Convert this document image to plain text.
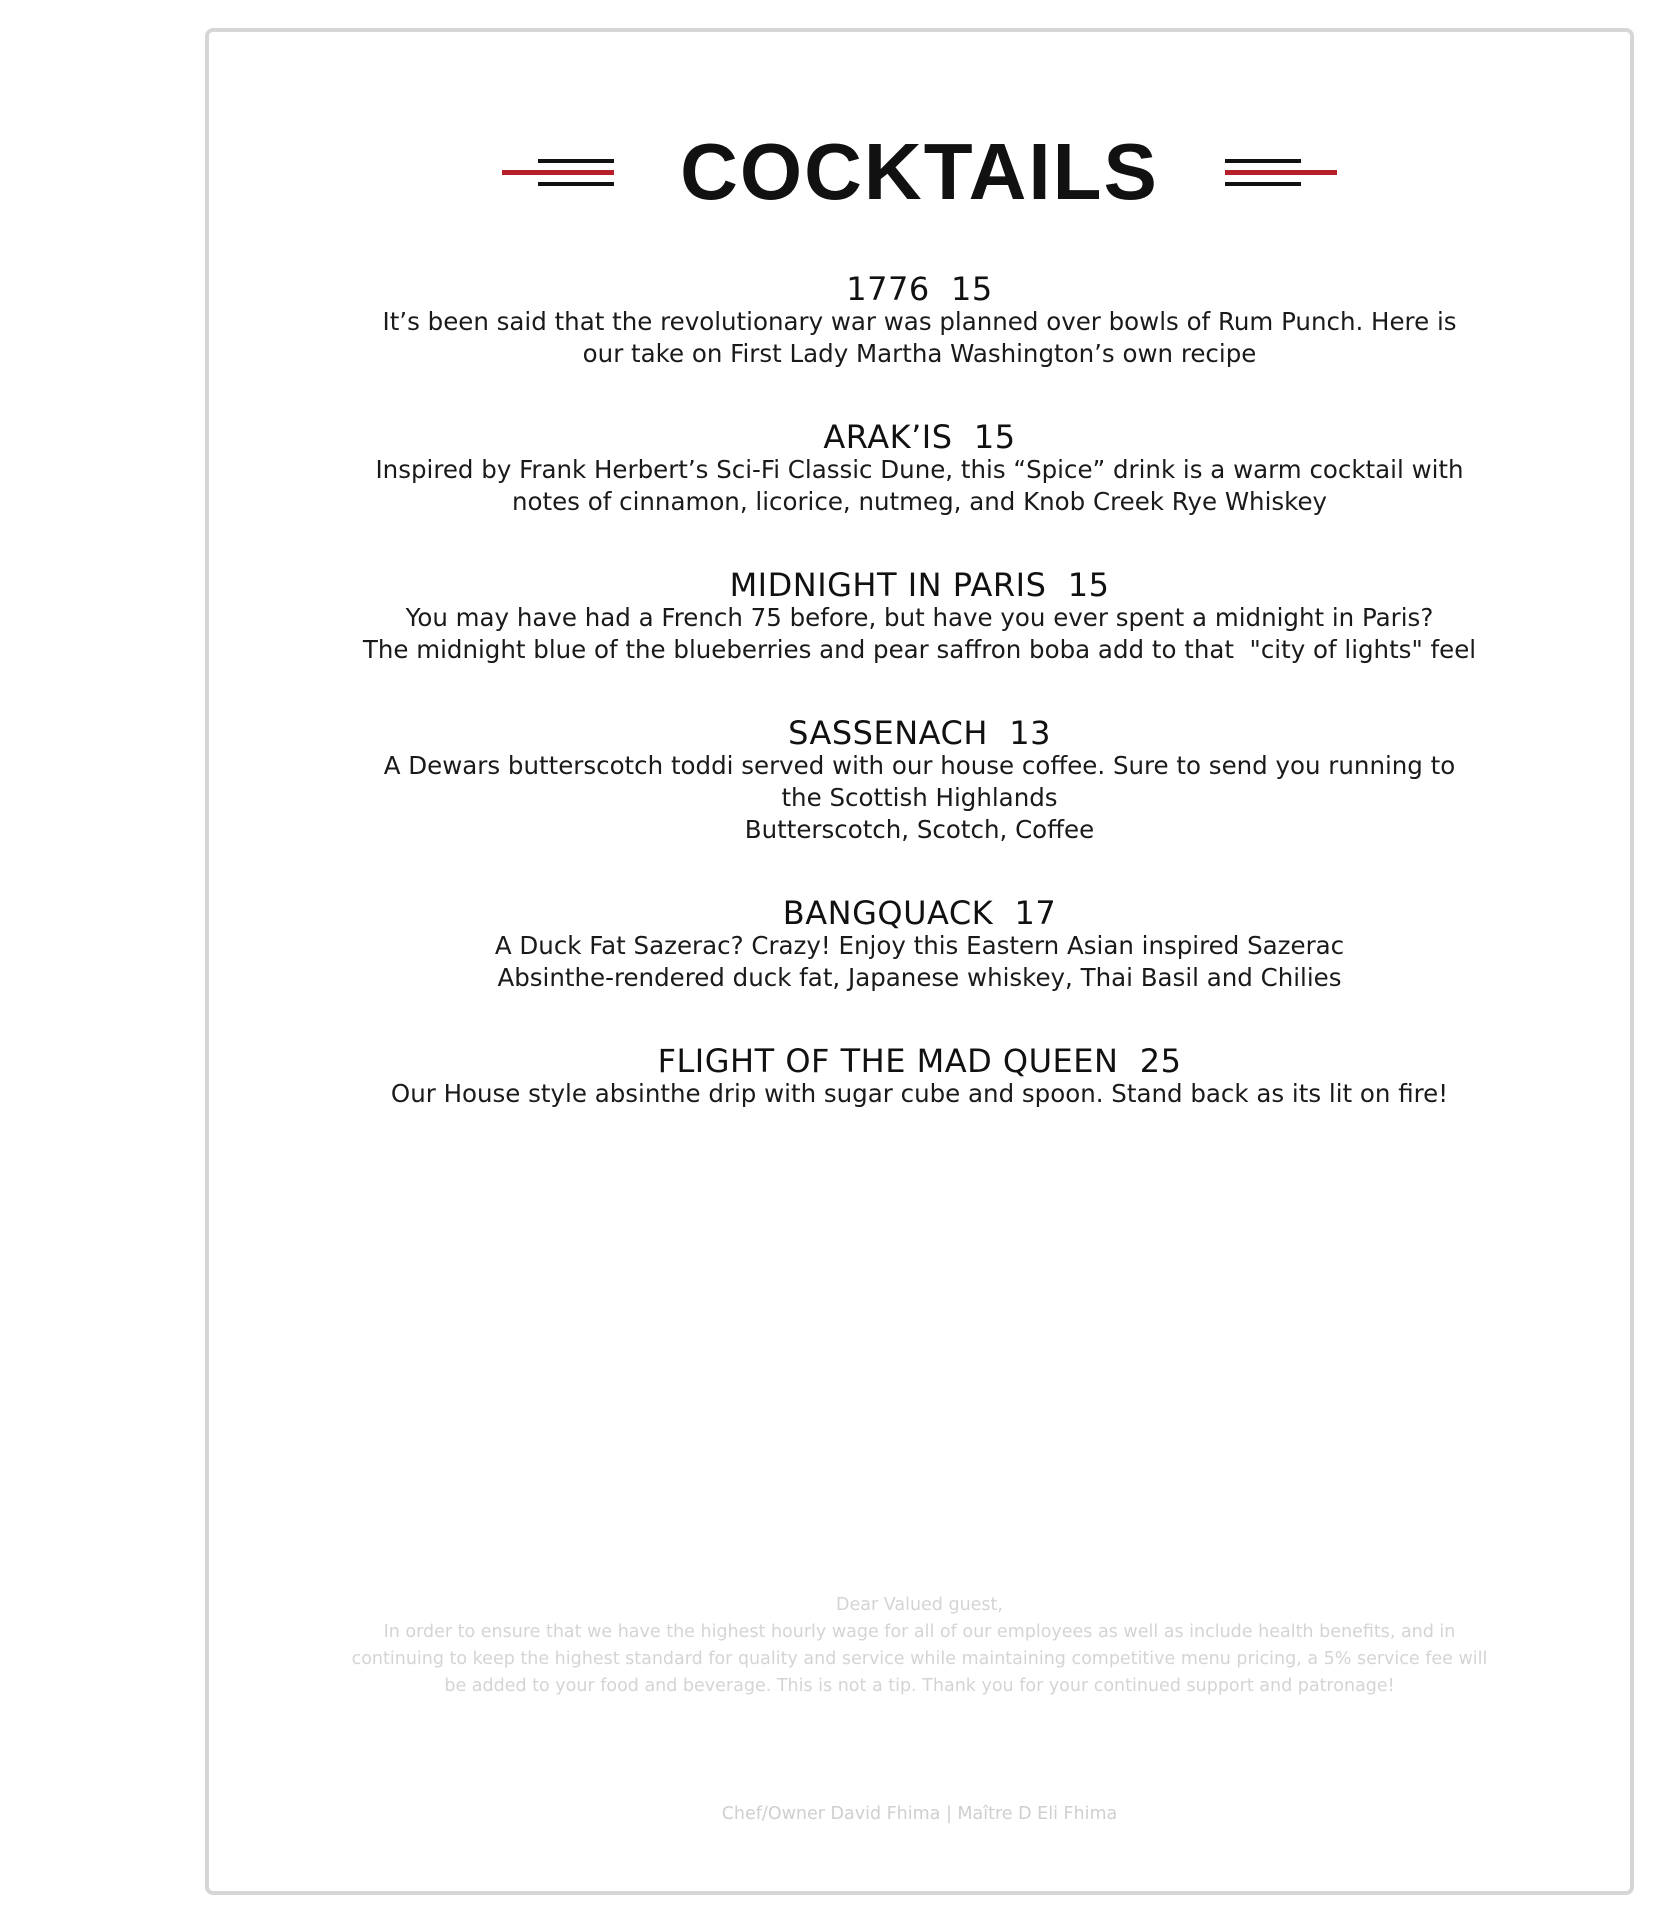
COCKTAILS
1776  15
It’s been said that the revolutionary war was planned over bowls of Rum Punch. Here is
our take on First Lady Martha Washington’s own recipe
ARAK’IS  15
Inspired by Frank Herbert’s Sci-Fi Classic Dune, this “Spice” drink is a warm cocktail with
notes of cinnamon, licorice, nutmeg, and Knob Creek Rye Whiskey
MIDNIGHT IN PARIS  15
You may have had a French 75 before, but have you ever spent a midnight in Paris?
The midnight blue of the blueberries and pear saffron boba add to that  "city of lights" feel
SASSENACH  13
A Dewars butterscotch toddi served with our house coffee. Sure to send you running to
the Scottish Highlands
Butterscotch, Scotch, Coffee
BANGQUACK  17
A Duck Fat Sazerac? Crazy! Enjoy this Eastern Asian inspired Sazerac
Absinthe-rendered duck fat, Japanese whiskey, Thai Basil and Chilies
FLIGHT OF THE MAD QUEEN  25
Our House style absinthe drip with sugar cube and spoon. Stand back as its lit on fire!
Dear Valued guest,
In order to ensure that we have the highest hourly wage for all of our employees as well as include health benefits, and in
continuing to keep the highest standard for quality and service while maintaining competitive menu pricing, a 5% service fee will
be added to your food and beverage. This is not a tip. Thank you for your continued support and patronage!
Chef/Owner David Fhima | Maître D Eli Fhima
